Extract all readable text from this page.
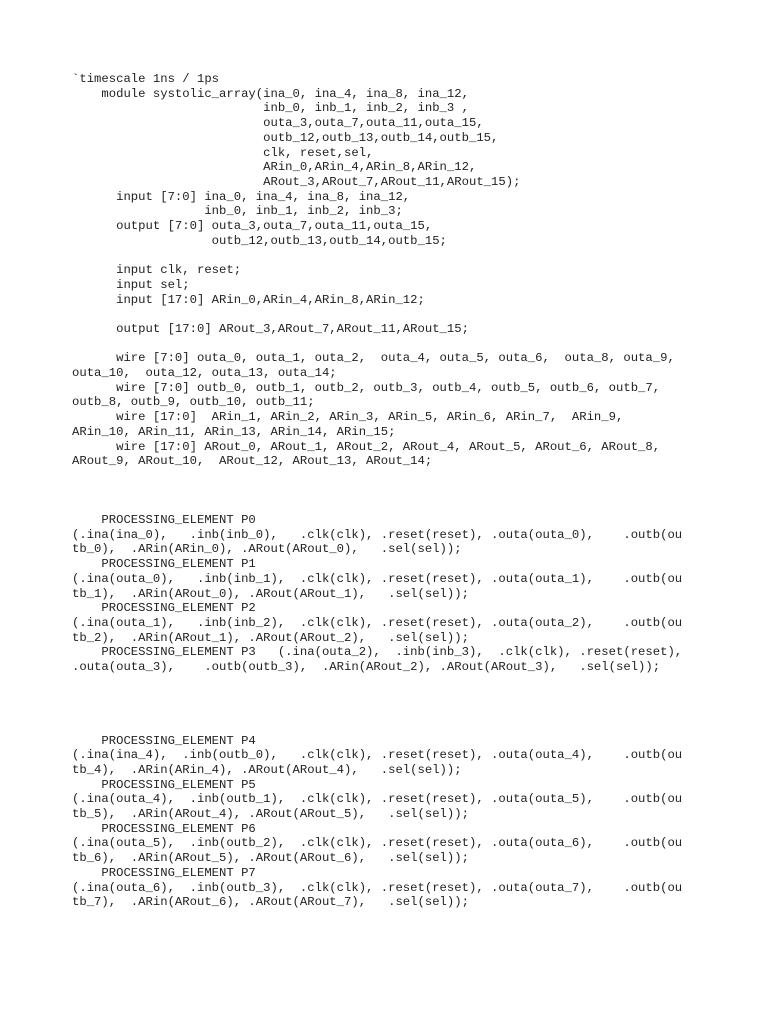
`timescale 1ns / 1ps
module systolic_array(ina_0, ina_4, ina_8, ina_12,
inb_0, inb_1, inb_2, inb_3 ,
outa_3,outa_7,outa_11,outa_15,
outb_12,outb_13,outb_14,outb_15,
clk, reset,sel,
ARin_0,ARin_4,ARin_8,ARin_12,
ARout_3,ARout_7,ARout_11,ARout_15);
input [7:0] ina_0, ina_4, ina_8, ina_12,
inb_0, inb_1, inb_2, inb_3;
output [7:0] outa_3,outa_7,outa_11,outa_15,
outb_12,outb_13,outb_14,outb_15;
input clk, reset;
input sel;
input [17:0] ARin_0,ARin_4,ARin_8,ARin_12;
output [17:0] ARout_3,ARout_7,ARout_11,ARout_15;
wire [7:0] outa_0, outa_1, outa_2,  outa_4, outa_5, outa_6,  outa_8, outa_9,
outa_10,  outa_12, outa_13, outa_14;
wire [7:0] outb_0, outb_1, outb_2, outb_3, outb_4, outb_5, outb_6, outb_7,
outb_8, outb_9, outb_10, outb_11;
wire [17:0]  ARin_1, ARin_2, ARin_3, ARin_5, ARin_6, ARin_7,  ARin_9,
ARin_10, ARin_11, ARin_13, ARin_14, ARin_15;
wire [17:0] ARout_0, ARout_1, ARout_2, ARout_4, ARout_5, ARout_6, ARout_8,
ARout_9, ARout_10,  ARout_12, ARout_13, ARout_14;
PROCESSING_ELEMENT P0
(.ina(ina_0),   .inb(inb_0),   .clk(clk), .reset(reset), .outa(outa_0),    .outb(ou
tb_0),  .ARin(ARin_0), .ARout(ARout_0),   .sel(sel));
PROCESSING_ELEMENT P1
(.ina(outa_0),   .inb(inb_1),  .clk(clk), .reset(reset), .outa(outa_1),    .outb(ou
tb_1),  .ARin(ARout_0), .ARout(ARout_1),   .sel(sel));
PROCESSING_ELEMENT P2
(.ina(outa_1),   .inb(inb_2),  .clk(clk), .reset(reset), .outa(outa_2),    .outb(ou
tb_2),  .ARin(ARout_1), .ARout(ARout_2),   .sel(sel));
PROCESSING_ELEMENT P3   (.ina(outa_2),  .inb(inb_3),  .clk(clk), .reset(reset),
.outa(outa_3),    .outb(outb_3),  .ARin(ARout_2), .ARout(ARout_3),   .sel(sel));
PROCESSING_ELEMENT P4
(.ina(ina_4),  .inb(outb_0),   .clk(clk), .reset(reset), .outa(outa_4),    .outb(ou
tb_4),  .ARin(ARin_4), .ARout(ARout_4),   .sel(sel));
PROCESSING_ELEMENT P5
(.ina(outa_4),  .inb(outb_1),  .clk(clk), .reset(reset), .outa(outa_5),    .outb(ou
tb_5),  .ARin(ARout_4), .ARout(ARout_5),   .sel(sel));
PROCESSING_ELEMENT P6
(.ina(outa_5),  .inb(outb_2),  .clk(clk), .reset(reset), .outa(outa_6),    .outb(ou
tb_6),  .ARin(ARout_5), .ARout(ARout_6),   .sel(sel));
PROCESSING_ELEMENT P7
(.ina(outa_6),  .inb(outb_3),  .clk(clk), .reset(reset), .outa(outa_7),    .outb(ou
tb_7),  .ARin(ARout_6), .ARout(ARout_7),   .sel(sel));
